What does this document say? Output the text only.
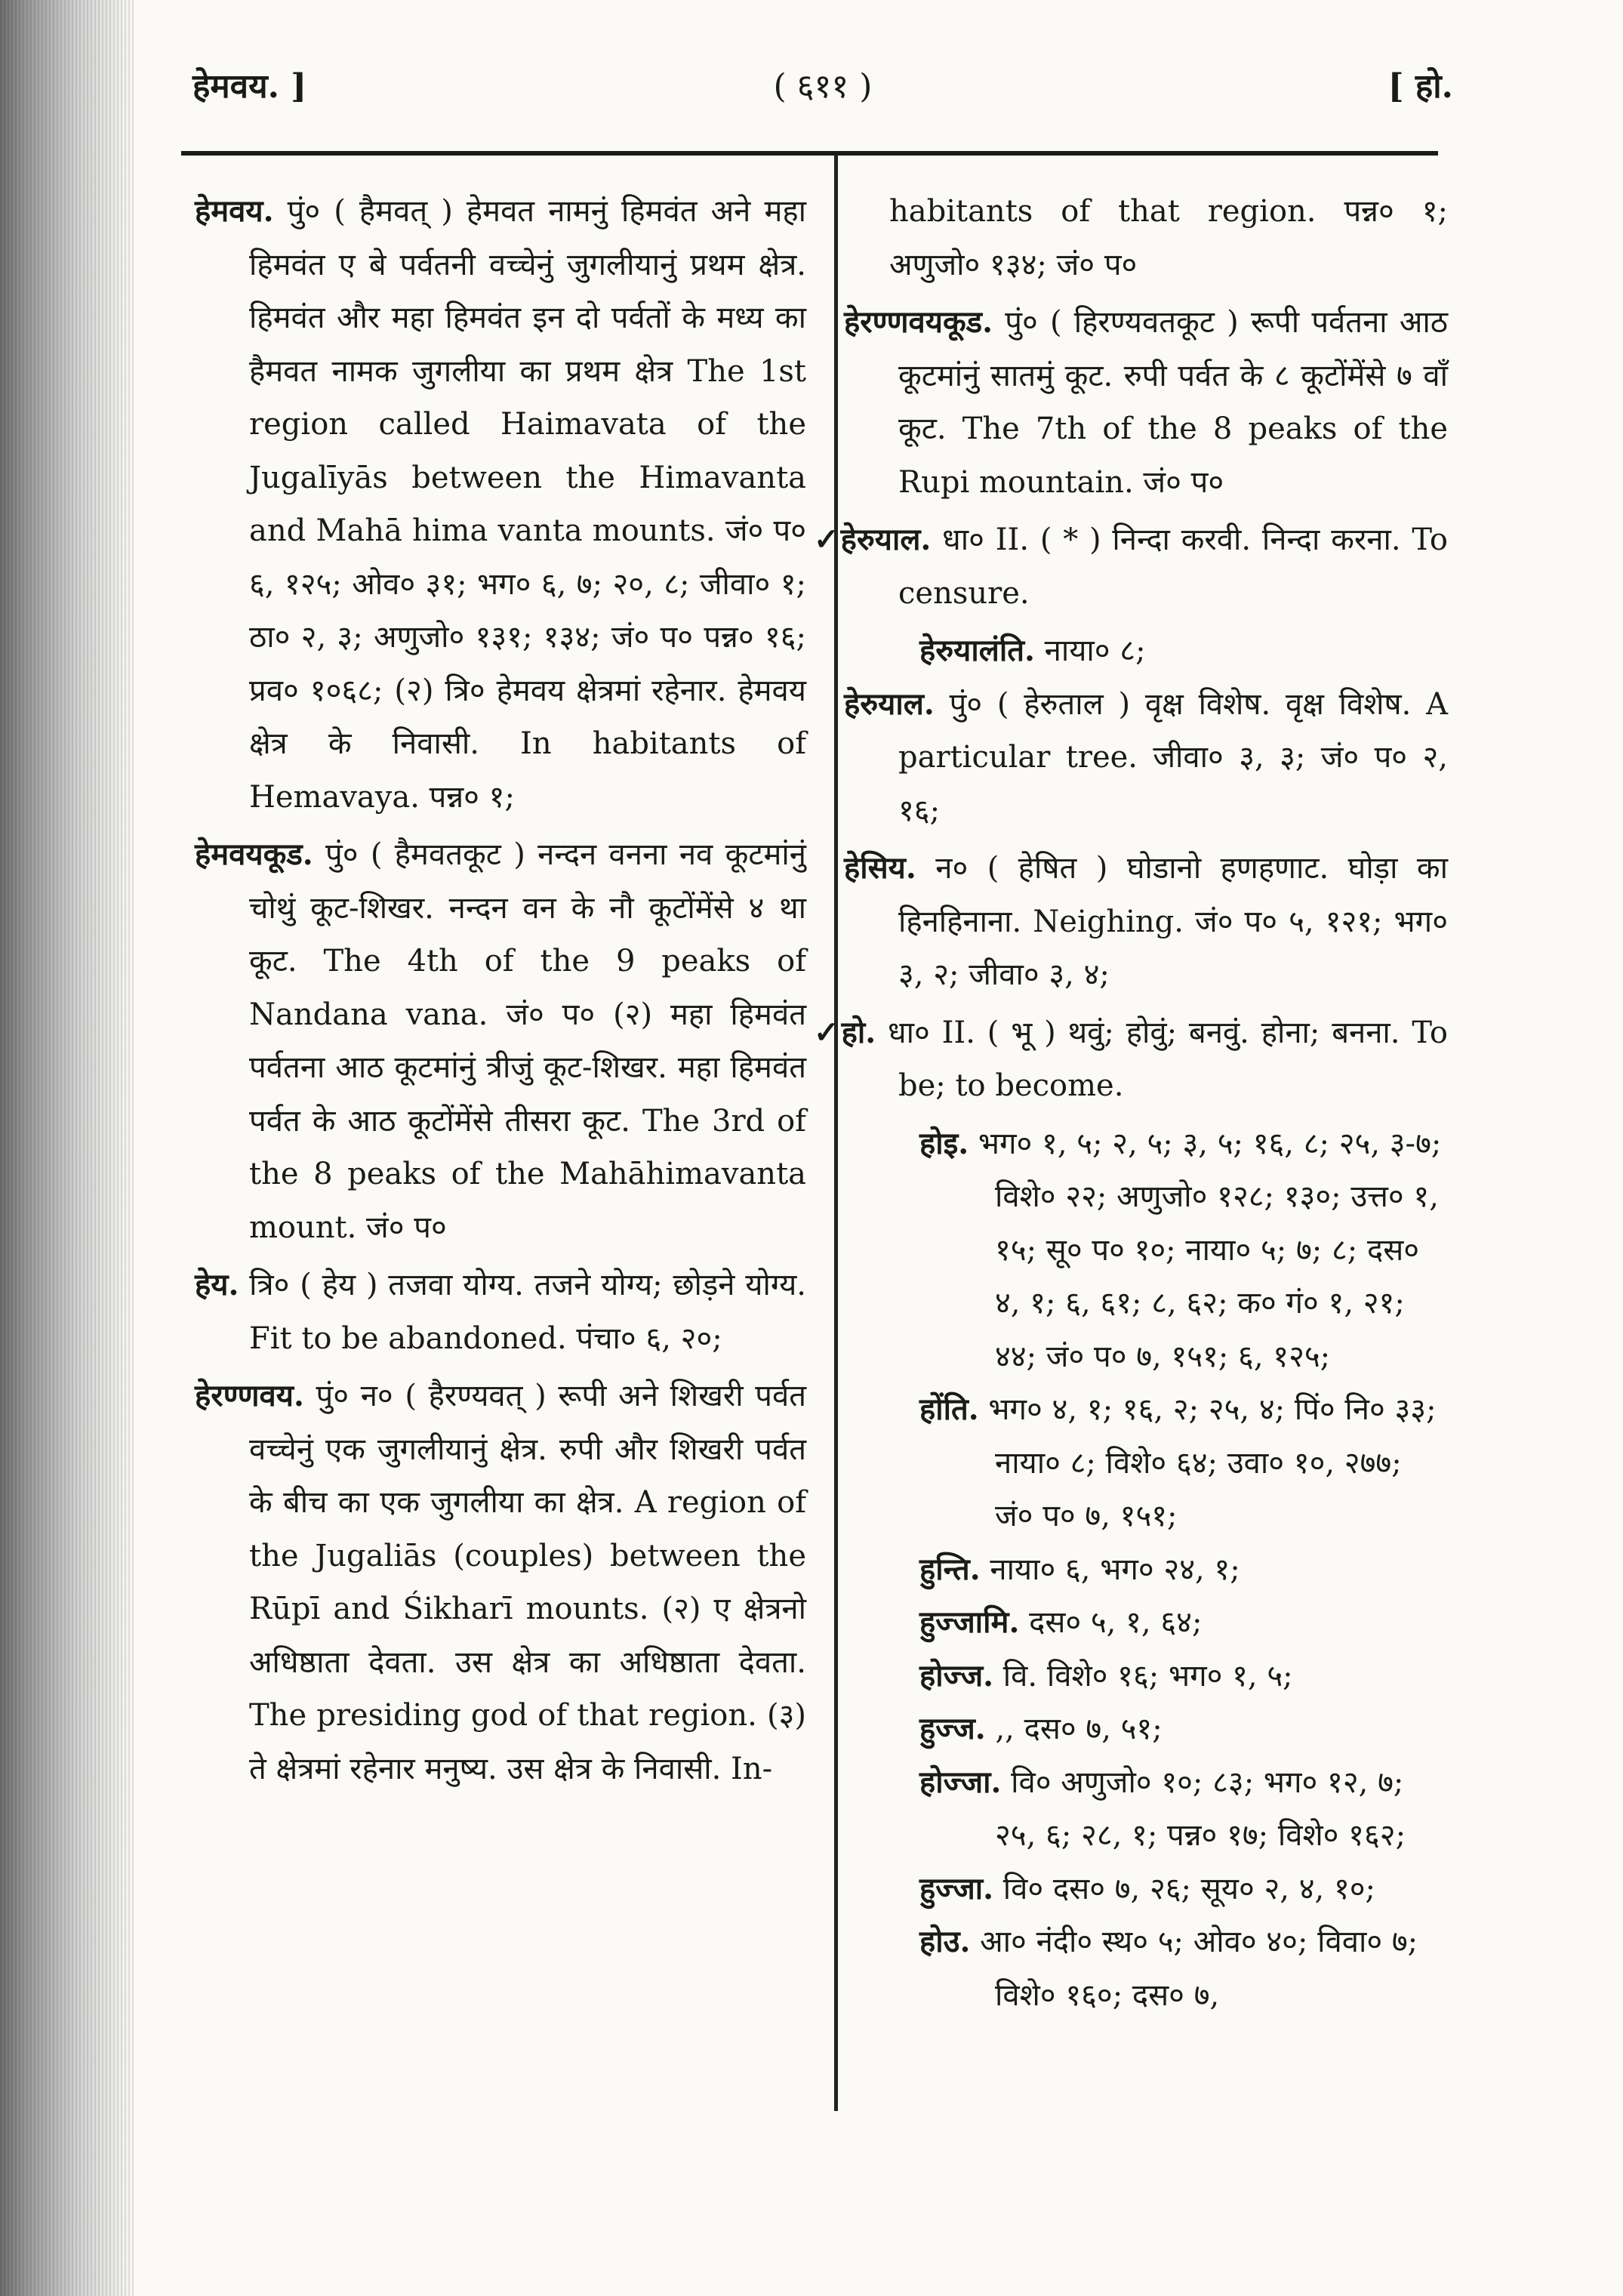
हेमवय. ]	( ६११ )	[ हो.

हेमवय. पुं० ( हैमवत् ) हेमवत नामनुं हिमवंत अने महा हिमवंत ए बे पर्वतनी वच्चेनुं जुगलीयानुं प्रथम क्षेत्र. हिमवंत और महा हिमवंत इन दो पर्वतों के मध्य का हैमवत नामक जुगलीया का प्रथम क्षेत्र The 1st region called Haimavata of the Jugalīyās between the Himavanta and Mahā hima vanta mounts. जं० प० ६, १२५; ओव० ३१; भग० ६, ७; २०, ८; जीवा० १; ठा० २, ३; अणुजो० १३१; १३४; जं० प० पन्न० १६; प्रव० १०६८; (२) त्रि० हेमवय क्षेत्रमां रहेनार. हेमवय क्षेत्र के निवासी. In habitants of Hemavaya. पन्न० १;

हेमवयकूड. पुं० ( हैमवतकूट ) नन्दन वनना नव कूटमांनुं चोथुं कूट-शिखर. नन्दन वन के नौ कूटोंमेंसे ४ था कूट. The 4th of the 9 peaks of Nandana vana. जं० प० (२) महा हिमवंत पर्वतना आठ कूटमांनुं त्रीजुं कूट-शिखर. महा हिमवंत पर्वत के आठ कूटोंमेंसे तीसरा कूट. The 3rd of the 8 peaks of the Mahāhimavanta mount. जं० प०

हेय. त्रि० ( हेय ) तजवा योग्य. तजने योग्य; छोड़ने योग्य. Fit to be abandoned. पंचा० ६, २०;

हेरण्णवय. पुं० न० ( हैरण्यवत् ) रूपी अने शिखरी पर्वत वच्चेनुं एक जुगलीयानुं क्षेत्र. रुपी और शिखरी पर्वत के बीच का एक जुगलीया का क्षेत्र. A region of the Jugaliās (couples) between the Rūpī and Śikharī mounts. (२) ए क्षेत्रनो अधिष्ठाता देवता. उस क्षेत्र का अधिष्ठाता देवता. The presiding god of that region. (३) ते क्षेत्रमां रहेनार मनुष्य. उस क्षेत्र के निवासी. In-

habitants of that region. पन्न० १; अणुजो० १३४; जं० प०

हेरण्णवयकूड. पुं० ( हिरण्यवतकूट ) रूपी पर्वतना आठ कूटमांनुं सातमुं कूट. रुपी पर्वत के ८ कूटोंमेंसे ७ वाँ कूट. The 7th of the 8 peaks of the Rupi mountain. जं० प०

✓हेरुयाल. धा० II. ( * ) निन्दा करवी. निन्दा करना. To censure.

हेरुयालंति. नाया० ८;

हेरुयाल. पुं० ( हेरुताल ) वृक्ष विशेष. वृक्ष विशेष. A particular tree. जीवा० ३, ३; जं० प० २, १६;

हेसिय. न० ( हेषित ) घोडानो हणहणाट. घोड़ा का हिनहिनाना. Neighing. जं० प० ५, १२१; भग० ३, २; जीवा० ३, ४;

✓हो. धा० II. ( भू ) थवुं; होवुं; बनवुं. होना; बनना. To be; to become.

होइ. भग० १, ५; २, ५; ३, ५; १६, ८; २५, ३-७; विशे० २२; अणुजो० १२८; १३०; उत्त० १, १५; सू० प० १०; नाया० ५; ७; ८; दस० ४, १; ६, ६१; ८, ६२; क० गं० १, २१; ४४; जं० प० ७, १५१; ६, १२५;

होंति. भग० ४, १; १६, २; २५, ४; पिं० नि० ३३; नाया० ८; विशे० ६४; उवा० १०, २७७; जं० प० ७, १५१;

हुन्ति. नाया० ६, भग० २४, १;

हुज्जामि. दस० ५, १, ६४;

होज्ज. वि. विशे० १६; भग० १, ५;

हुज्ज. ,, दस० ७, ५१;

होज्जा. वि० अणुजो० १०; ८३; भग० १२, ७; २५, ६; २८, १; पन्न० १७; विशे० १६२;

हुज्जा. वि० दस० ७, २६; सूय० २, ४, १०;

होउ. आ० नंदी० स्थ० ५; ओव० ४०; विवा० ७; विशे० १६०; दस० ७,
